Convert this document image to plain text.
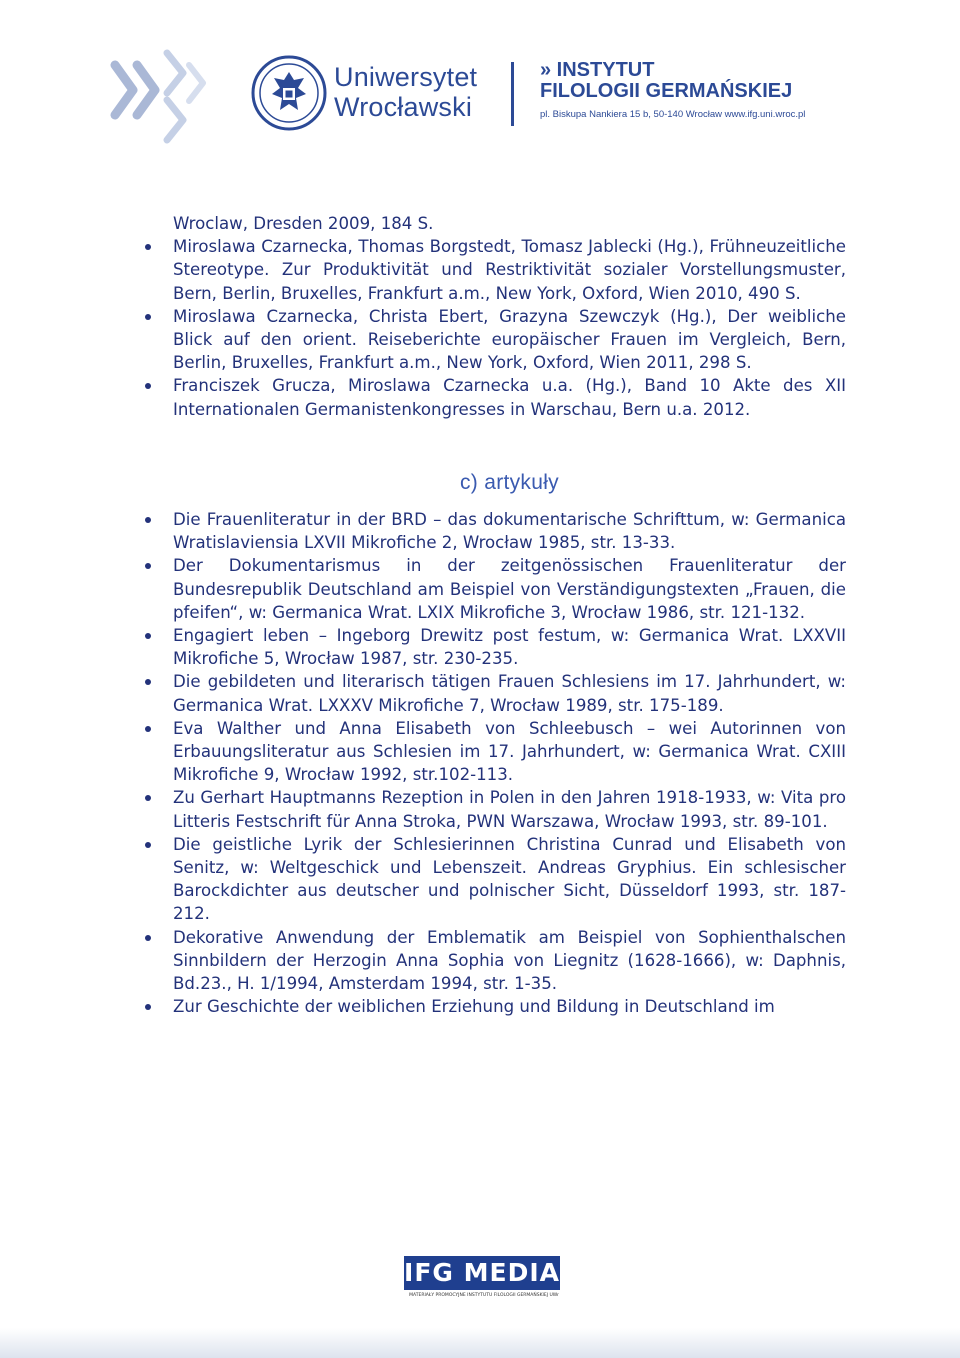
Uniwersytet
Wrocławski
» INSTYTUT
FILOLOGII GERMAŃSKIEJ
pl. Biskupa Nankiera 15 b, 50-140 Wrocław www.ifg.uni.wroc.pl
Wroclaw, Dresden 2009, 184 S.
Miroslawa Czarnecka, Thomas Borgstedt, Tomasz Jablecki (Hg.), Frühneuzeitliche Stereotype. Zur Produktivität und Restriktivität sozialer Vorstellungsmuster, Bern, Berlin, Bruxelles, Frankfurt a.m., New York, Oxford, Wien 2010, 490 S.
Miroslawa Czarnecka, Christa Ebert, Grazyna Szewczyk (Hg.), Der weibliche Blick auf den orient. Reiseberichte europäischer Frauen im Vergleich, Bern, Berlin, Bruxelles, Frankfurt a.m., New York, Oxford, Wien 2011, 298 S.
Franciszek Grucza, Miroslawa Czarnecka u.a. (Hg.), Band 10 Akte des XII Internationalen Germanistenkongresses in Warschau, Bern u.a. 2012.
c) artykuły
Die Frauenliteratur in der BRD – das dokumentarische Schrifttum, w: Germanica Wratislaviensia LXVII Mikrofiche 2, Wrocław 1985, str. 13-33.
Der Dokumentarismus in der zeitgenössischen Frauenliteratur der Bundesrepublik Deutschland am Beispiel von Verständigungstexten „Frauen, die pfeifen“, w: Germanica Wrat. LXIX Mikrofiche 3, Wrocław 1986, str. 121-132.
Engagiert leben – Ingeborg Drewitz post festum, w: Germanica Wrat. LXXVII Mikrofiche 5, Wrocław 1987, str. 230-235.
Die gebildeten und literarisch tätigen Frauen Schlesiens im 17. Jahrhundert, w: Germanica Wrat. LXXXV Mikrofiche 7, Wrocław 1989, str. 175-189.
Eva Walther und Anna Elisabeth von Schleebusch – wei Autorinnen von Erbauungsliteratur aus Schlesien im 17. Jahrhundert, w: Germanica Wrat. CXIII Mikrofiche 9, Wrocław 1992, str.102-113.
Zu Gerhart Hauptmanns Rezeption in Polen in den Jahren 1918-1933, w: Vita pro Litteris Festschrift für Anna Stroka, PWN Warszawa, Wrocław 1993, str. 89-101.
Die geistliche Lyrik der Schlesierinnen Christina Cunrad und Elisabeth von Senitz, w: Weltgeschick und Lebenszeit. Andreas Gryphius. Ein schlesischer Barockdichter aus deutscher und polnischer Sicht, Düsseldorf 1993, str. 187-212.
Dekorative Anwendung der Emblematik am Beispiel von Sophienthalschen Sinnbildern der Herzogin Anna Sophia von Liegnitz (1628-1666), w: Daphnis, Bd.23., H. 1/1994, Amsterdam 1994, str. 1-35.
Zur Geschichte der weiblichen Erziehung und Bildung in Deutschland im
IFG MEDIA
MATERIAŁY PROMOCYJNE INSTYTUTU FILOLOGII GERMAŃSKIEJ UWr
